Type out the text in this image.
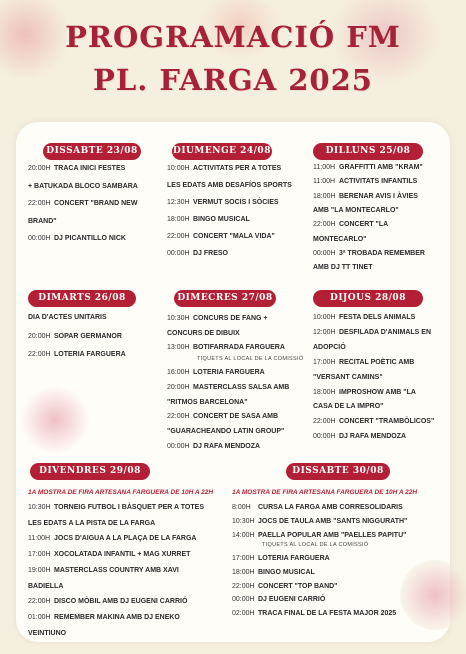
PROGRAMACIÓ FM
PL. FARGA 2025
DISSABTE 23/08
20:00H TRACA INICI FESTES
+ BATUKADA BLOCO SAMBARA
22:00H CONCERT "BRAND NEW
BRAND"
00:00H DJ PICANTILLO NICK
DIUMENGE 24/08
10:00H ACTIVITATS PER A TOTES
LES EDATS AMB DESAFÍOS SPORTS
12:30H VERMUT SOCIS I SÒCIES
18:00H BINGO MUSICAL
22:00H CONCERT "MALA VIDA"
00:00H DJ FRESO
DILLUNS 25/08
11:00H GRAFFITTI AMB "KRAM"
11:00H ACTIVITATS INFANTILS
18:00H BERENAR AVIS I ÀVIES
AMB "LA MONTECARLO"
22:00H CONCERT "LA
MONTECARLO"
00:00H 3ª TROBADA REMEMBER
AMB DJ TT TINET
DIMARTS 26/08
DIA D'ACTES UNITARIS
20:00H SOPAR GERMANOR
22:00H LOTERIA FARGUERA
DIMECRES 27/08
10:30H CONCURS DE FANG +
CONCURS DE DIBUIX
13:00H BOTIFARRADA FARGUERA
TIQUETS AL LOCAL DE LA COMISSIÓ
16:00H LOTERIA FARGUERA
20:00H MASTERCLASS SALSA AMB
"RITMOS BARCELONA"
22:00H CONCERT DE SASA AMB
"GUARACHEANDO LATIN GROUP"
00:00H DJ RAFA MENDOZA
DIJOUS 28/08
10:00H FESTA DELS ANIMALS
12:00H DESFILADA D'ANIMALS EN
ADOPCIÓ
17:00H RECITAL POÈTIC AMB
"VERSANT CAMINS"
18:00H IMPROSHOW AMB "LA
CASA DE LA IMPRO"
22:00H CONCERT "TRAMBÒLICOS"
00:00H DJ RAFA MENDOZA
DIVENDRES 29/08
1A MOSTRA DE FIRA ARTESANA FARGUERA DE 10H A 22H
10:30H TORNEIG FUTBOL I BÀSQUET PER A TOTES
LES EDATS A LA PISTA DE LA FARGA
11:00H JOCS D'AIGUA A LA PLAÇA DE LA FARGA
17:00H XOCOLATADA INFANTIL + MAG XURRET
19:00H MASTERCLASS COUNTRY AMB XAVI
BADIELLA
22:00H DISCO MÒBIL AMB DJ EUGENI CARRIÓ
01:00H REMEMBER MAKINA AMB DJ ENEKO
VEINTIUNO
DISSABTE 30/08
1A MOSTRA DE FIRA ARTESANA FARGUERA DE 10H A 22H
8:00H CURSA LA FARGA AMB CORRESOLIDARIS
10:30H JOCS DE TAULA AMB "SANTS NIGGURATH"
14:00H PAELLA POPULAR AMB "PAELLES PAPITU"
TIQUETS AL LOCAL DE LA COMISSIÓ
17:00H LOTERIA FARGUERA
18:00H BINGO MUSICAL
22:00H CONCERT "TOP BAND"
00:00H DJ EUGENI CARRIÓ
02:00H TRACA FINAL DE LA FESTA MAJOR 2025
